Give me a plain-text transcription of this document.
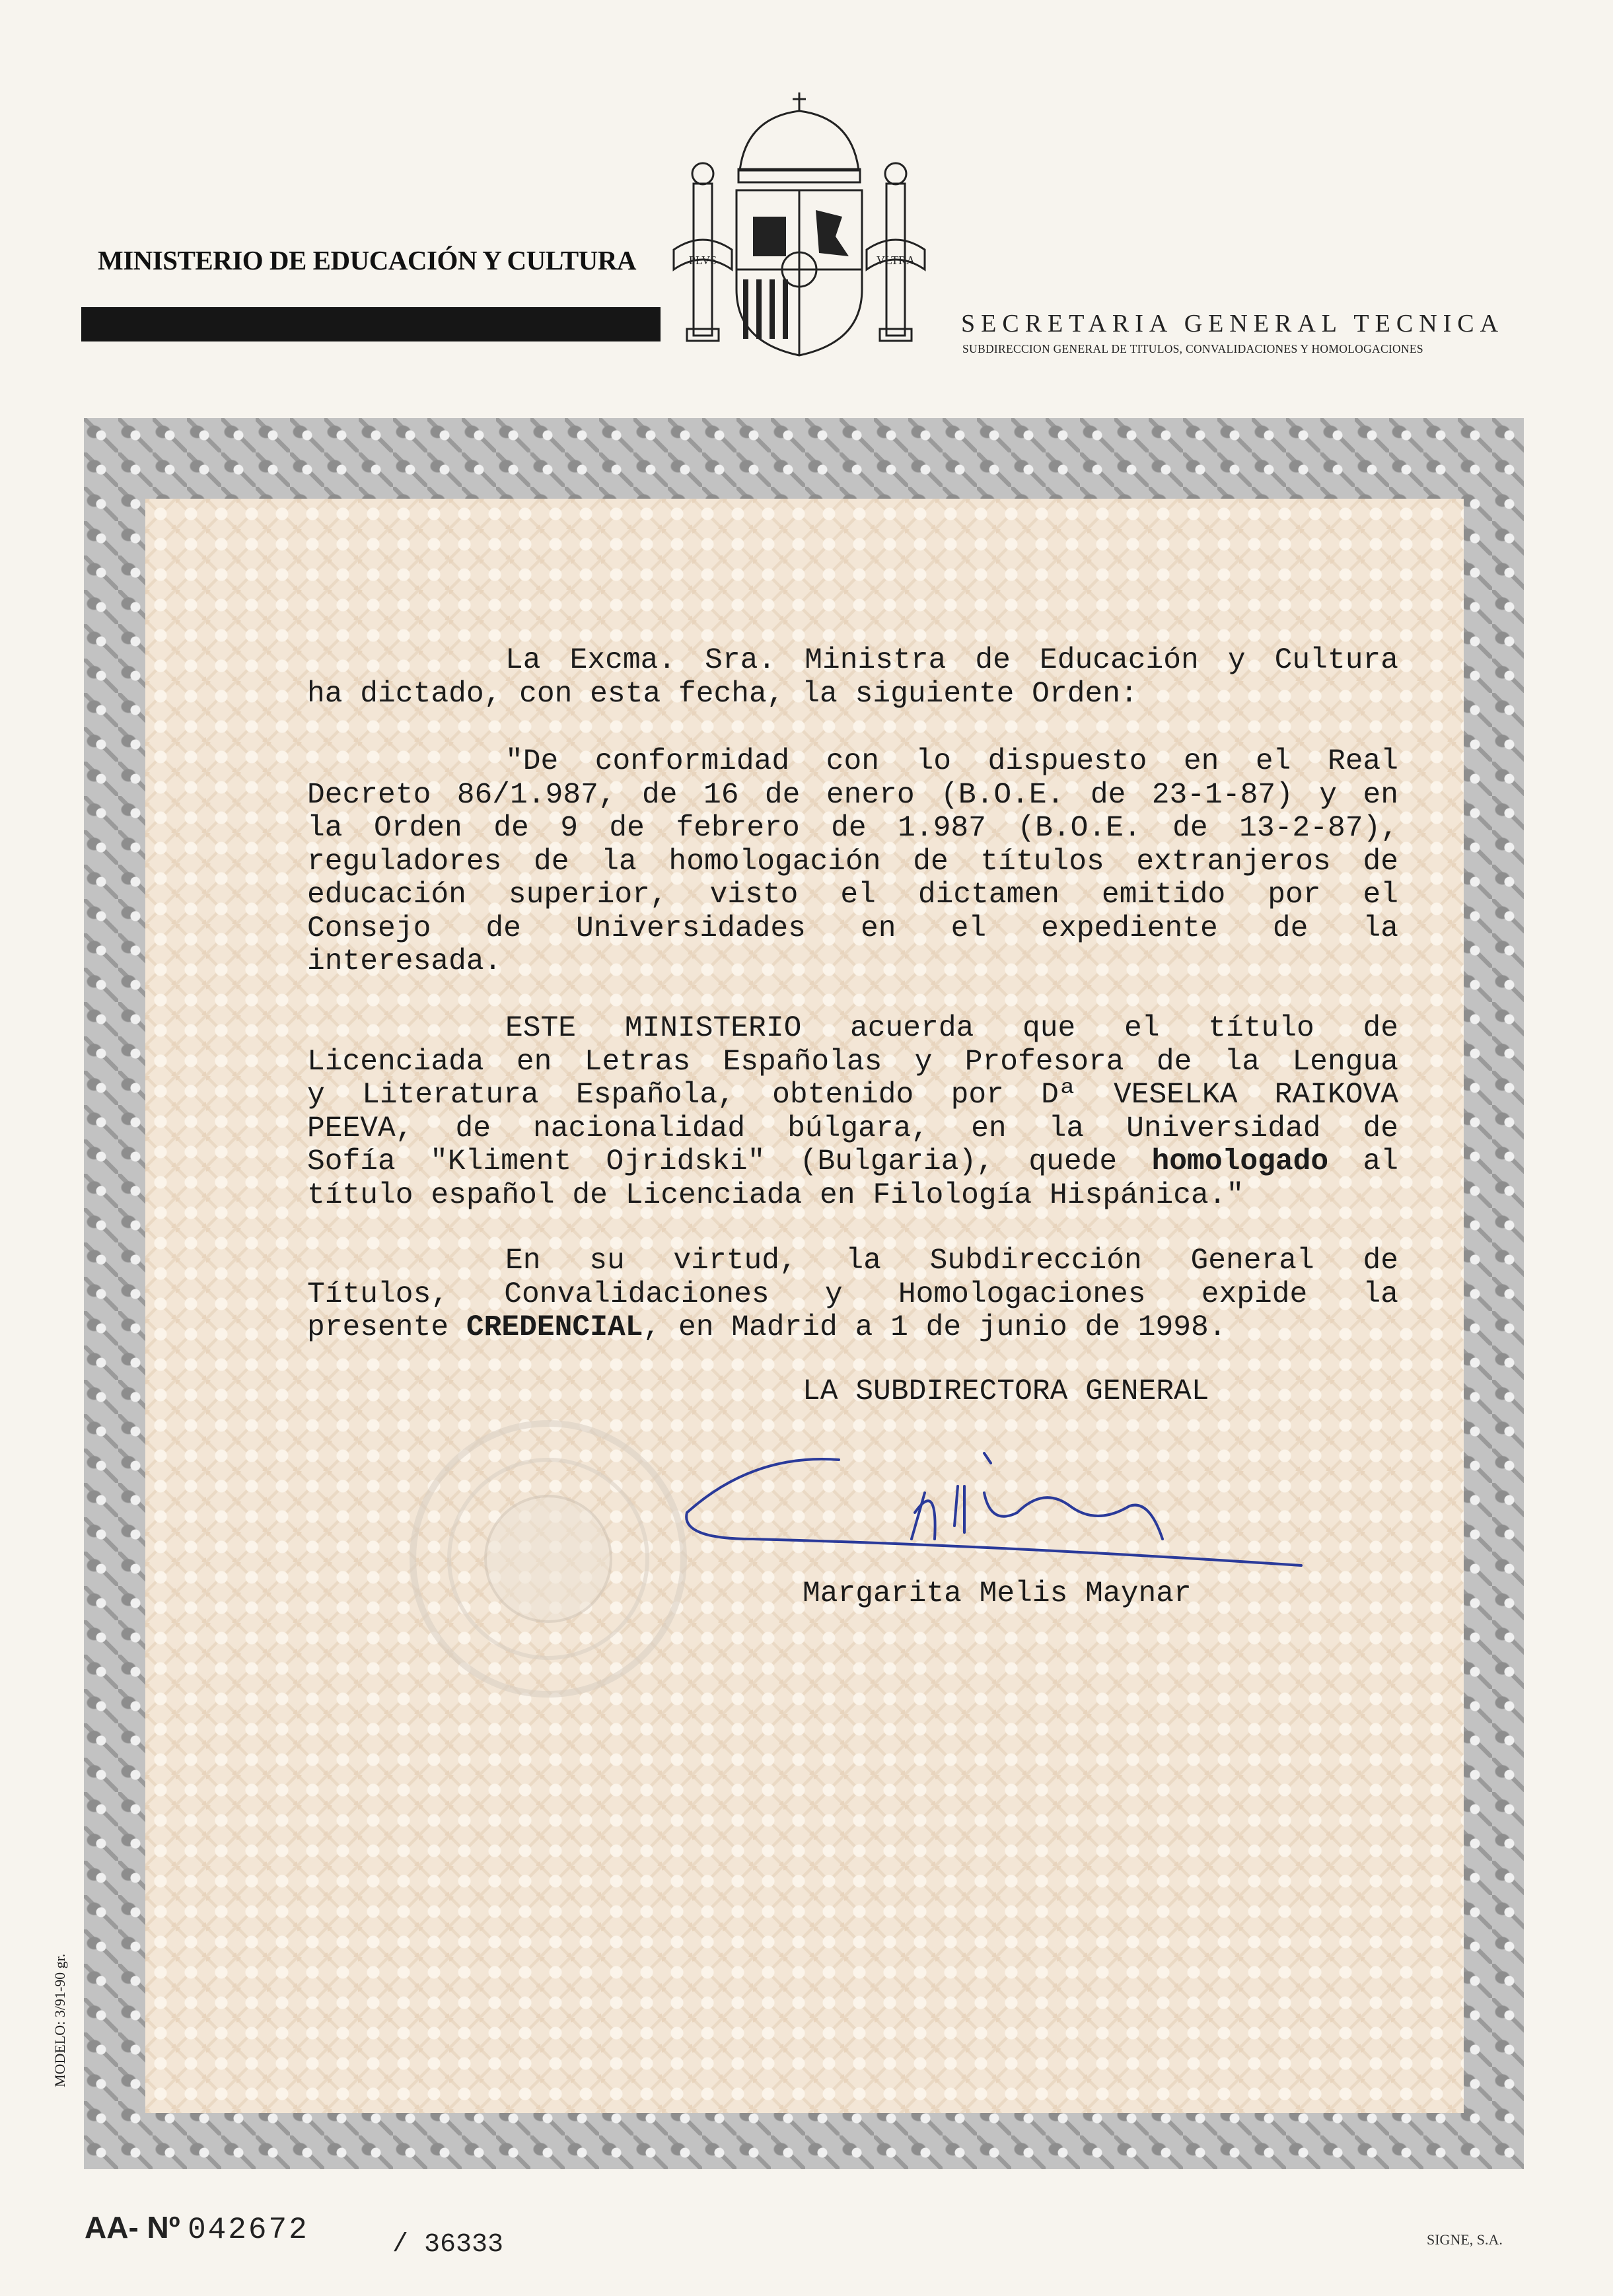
MINISTERIO DE EDUCACIÓN Y CULTURA	PLVS	VLTRA
SECRETARIA GENERAL TECNICA
SUBDIRECCION GENERAL DE TITULOS, CONVALIDACIONES Y HOMOLOGACIONES
La Excma. Sra. Ministra de Educación y Cultura
ha dictado, con esta fecha, la siguiente Orden:
"De conformidad con lo dispuesto en el Real
Decreto 86/1.987, de 16 de enero (B.O.E. de 23-1-87) y en
la Orden de 9 de febrero de 1.987 (B.O.E. de 13-2-87),
reguladores de la homologación de títulos extranjeros de
educación superior, visto el dictamen emitido por el
Consejo de Universidades en el expediente de la
interesada.
ESTE MINISTERIO acuerda que el título de
Licenciada en Letras Españolas y Profesora de la Lengua
y Literatura Española, obtenido por Dª VESELKA RAIKOVA
PEEVA, de nacionalidad búlgara, en la Universidad de
Sofía "Kliment Ojridski" (Bulgaria), quede homologado al
título español de Licenciada en Filología Hispánica."
En su virtud, la Subdirección General de
Títulos, Convalidaciones y Homologaciones expide la
presente CREDENCIAL, en Madrid a 1 de junio de 1998.
LA SUBDIRECTORA GENERAL
Margarita Melis Maynar
MODELO: 3/91-90 gr.
AA- Nº 042672	/ 36333	SIGNE, S.A.
